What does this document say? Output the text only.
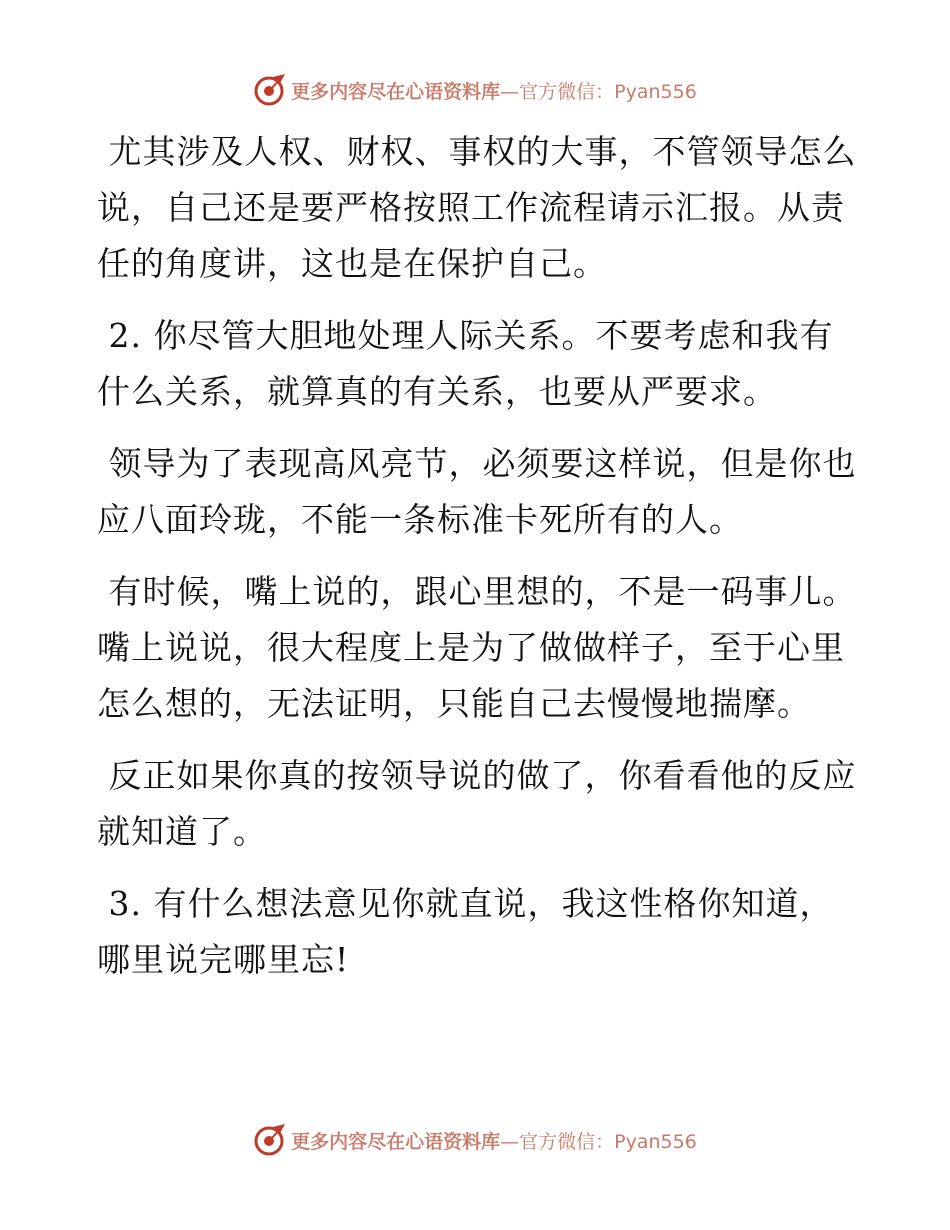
更多内容尽在心语资料库 —官方微信：Pyan556

尤其涉及人权、财权、事权的大事，不管领导怎么说，自己还是要严格按照工作流程请示汇报。从责任的角度讲，这也是在保护自己。

2. 你尽管大胆地处理人际关系。不要考虑和我有什么关系，就算真的有关系，也要从严要求。

领导为了表现高风亮节，必须要这样说，但是你也应八面玲珑，不能一条标准卡死所有的人。

有时候，嘴上说的，跟心里想的，不是一码事儿。嘴上说说，很大程度上是为了做做样子，至于心里怎么想的，无法证明，只能自己去慢慢地揣摩。

反正如果你真的按领导说的做了，你看看他的反应就知道了。

3. 有什么想法意见你就直说，我这性格你知道，哪里说完哪里忘!

更多内容尽在心语资料库 —官方微信：Pyan556
